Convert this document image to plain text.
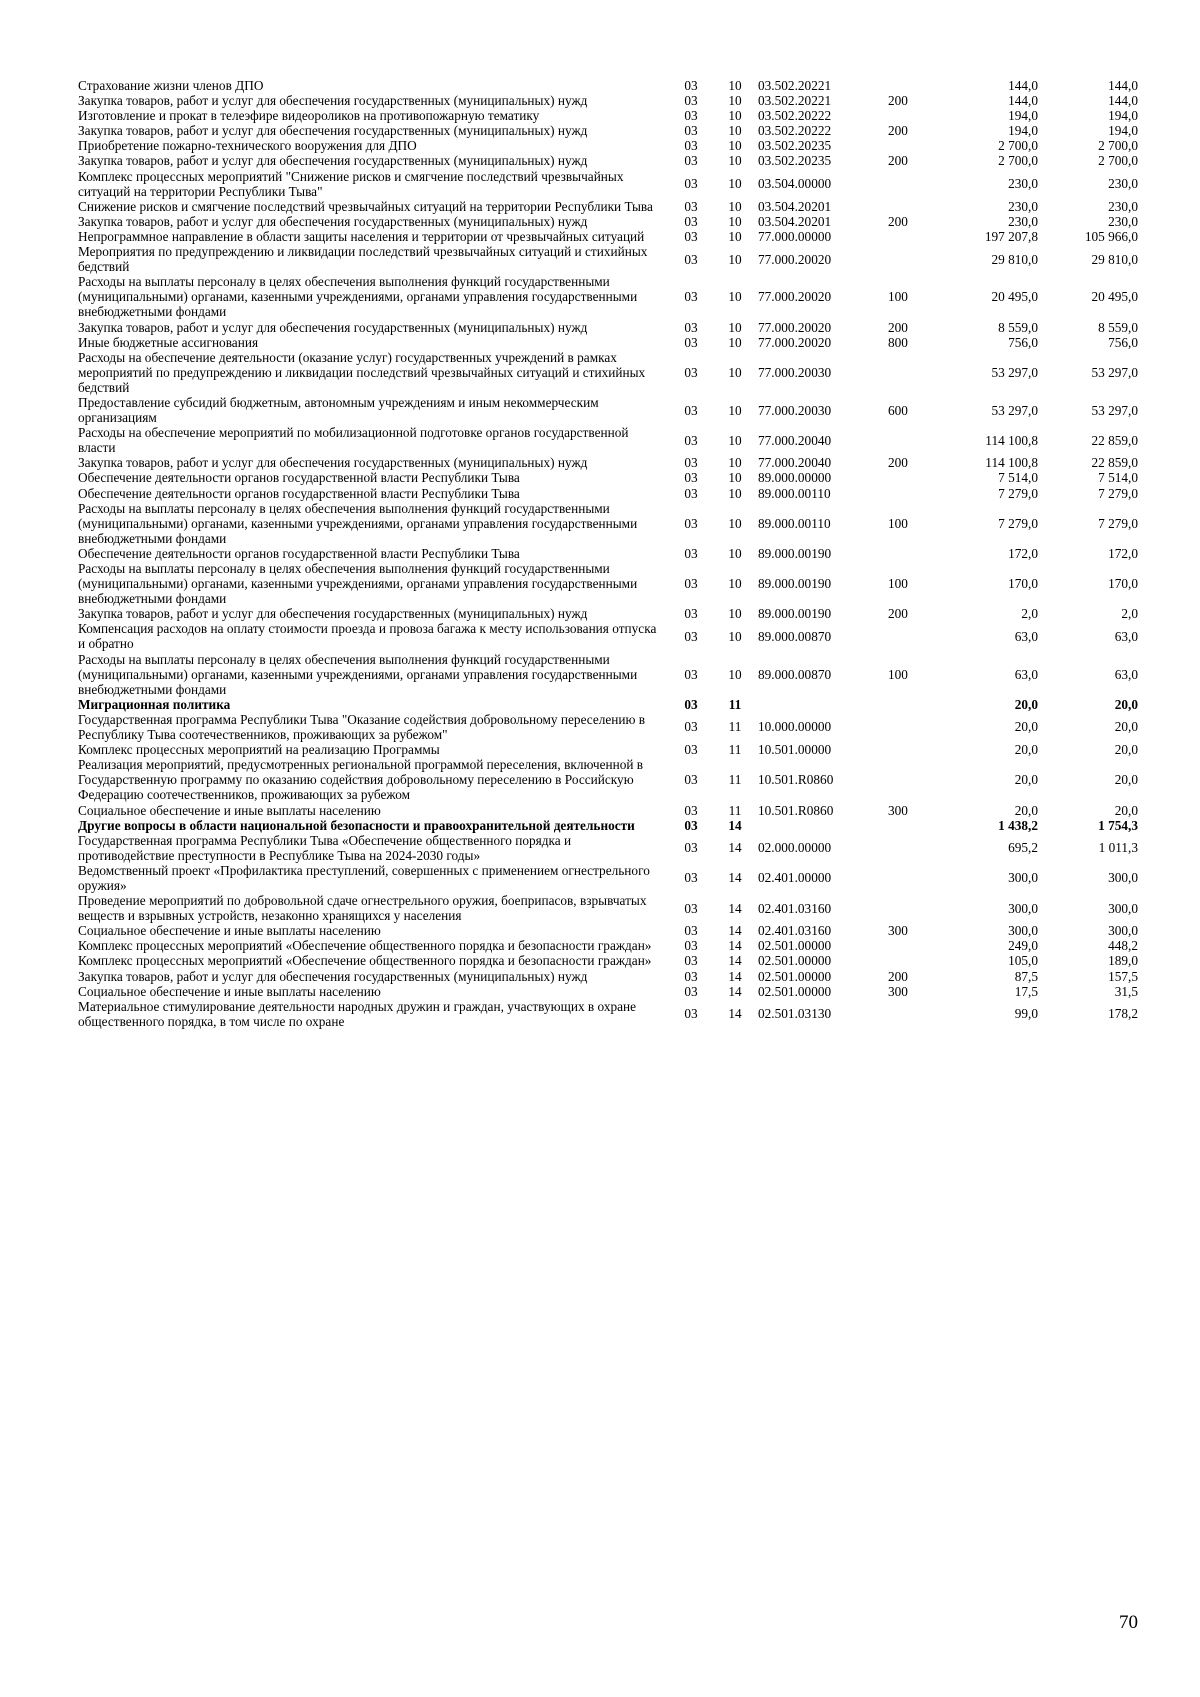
Страхование жизни членов ДПО	03	10	03.502.20221		144,0	144,0
Закупка товаров, работ и услуг для обеспечения государственных (муниципальных) нужд	03	10	03.502.20221	200	144,0	144,0
Изготовление и прокат в телеэфире видеороликов на противопожарную тематику	03	10	03.502.20222		194,0	194,0
Закупка товаров, работ и услуг для обеспечения государственных (муниципальных) нужд	03	10	03.502.20222	200	194,0	194,0
Приобретение пожарно-технического вооружения для ДПО	03	10	03.502.20235		2 700,0	2 700,0
Закупка товаров, работ и услуг для обеспечения государственных (муниципальных) нужд	03	10	03.502.20235	200	2 700,0	2 700,0
Комплекс процессных мероприятий "Снижение рисков и смягчение последствий чрезвычайных ситуаций на территории Республики Тыва"	03	10	03.504.00000		230,0	230,0
Снижение рисков и смягчение последствий чрезвычайных ситуаций на территории Республики Тыва	03	10	03.504.20201		230,0	230,0
Закупка товаров, работ и услуг для обеспечения государственных (муниципальных) нужд	03	10	03.504.20201	200	230,0	230,0
Непрограммное направление в области защиты населения и территории от чрезвычайных ситуаций	03	10	77.000.00000		197 207,8	105 966,0
Мероприятия по предупреждению и ликвидации последствий чрезвычайных ситуаций и стихийных бедствий	03	10	77.000.20020		29 810,0	29 810,0
Расходы на выплаты персоналу в целях обеспечения выполнения функций государственными (муниципальными) органами, казенными учреждениями, органами управления государственными внебюджетными фондами	03	10	77.000.20020	100	20 495,0	20 495,0
Закупка товаров, работ и услуг для обеспечения государственных (муниципальных) нужд	03	10	77.000.20020	200	8 559,0	8 559,0
Иные бюджетные ассигнования	03	10	77.000.20020	800	756,0	756,0
Расходы на обеспечение деятельности (оказание услуг) государственных учреждений в рамках мероприятий по предупреждению и ликвидации последствий чрезвычайных ситуаций и стихийных бедствий	03	10	77.000.20030		53 297,0	53 297,0
Предоставление субсидий бюджетным, автономным учреждениям и иным некоммерческим организациям	03	10	77.000.20030	600	53 297,0	53 297,0
Расходы на обеспечение мероприятий по мобилизационной подготовке органов государственной власти	03	10	77.000.20040		114 100,8	22 859,0
Закупка товаров, работ и услуг для обеспечения государственных (муниципальных) нужд	03	10	77.000.20040	200	114 100,8	22 859,0
Обеспечение деятельности органов государственной власти Республики Тыва	03	10	89.000.00000		7 514,0	7 514,0
Обеспечение деятельности органов государственной власти Республики Тыва	03	10	89.000.00110		7 279,0	7 279,0
Расходы на выплаты персоналу в целях обеспечения выполнения функций государственными (муниципальными) органами, казенными учреждениями, органами управления государственными внебюджетными фондами	03	10	89.000.00110	100	7 279,0	7 279,0
Обеспечение деятельности органов государственной власти Республики Тыва	03	10	89.000.00190		172,0	172,0
Расходы на выплаты персоналу в целях обеспечения выполнения функций государственными (муниципальными) органами, казенными учреждениями, органами управления государственными внебюджетными фондами	03	10	89.000.00190	100	170,0	170,0
Закупка товаров, работ и услуг для обеспечения государственных (муниципальных) нужд	03	10	89.000.00190	200	2,0	2,0
Компенсация расходов на оплату стоимости проезда и провоза багажа к месту использования отпуска и обратно	03	10	89.000.00870		63,0	63,0
Расходы на выплаты персоналу в целях обеспечения выполнения функций государственными (муниципальными) органами, казенными учреждениями, органами управления государственными внебюджетными фондами	03	10	89.000.00870	100	63,0	63,0
Миграционная политика	03	11			20,0	20,0
Государственная программа Республики Тыва "Оказание содействия добровольному переселению в Республику Тыва соотечественников, проживающих за рубежом"	03	11	10.000.00000		20,0	20,0
Комплекс процессных мероприятий на реализацию Программы	03	11	10.501.00000		20,0	20,0
Реализация мероприятий, предусмотренных региональной программой переселения, включенной в Государственную программу по оказанию содействия добровольному переселению в Российскую Федерацию соотечественников, проживающих за рубежом	03	11	10.501.R0860		20,0	20,0
Социальное обеспечение и иные выплаты населению	03	11	10.501.R0860	300	20,0	20,0
Другие вопросы в области национальной безопасности и правоохранительной деятельности	03	14			1 438,2	1 754,3
Государственная программа Республики Тыва «Обеспечение общественного порядка и противодействие преступности в Республике Тыва на 2024-2030 годы»	03	14	02.000.00000		695,2	1 011,3
Ведомственный проект «Профилактика преступлений, совершенных с применением огнестрельного оружия»	03	14	02.401.00000		300,0	300,0
Проведение мероприятий по добровольной сдаче огнестрельного оружия, боеприпасов, взрывчатых веществ и взрывных устройств, незаконно хранящихся у населения	03	14	02.401.03160		300,0	300,0
Социальное обеспечение и иные выплаты населению	03	14	02.401.03160	300	300,0	300,0
Комплекс процессных мероприятий «Обеспечение общественного порядка и безопасности граждан»	03	14	02.501.00000		249,0	448,2
Комплекс процессных мероприятий «Обеспечение общественного порядка и безопасности граждан»	03	14	02.501.00000		105,0	189,0
Закупка товаров, работ и услуг для обеспечения государственных (муниципальных) нужд	03	14	02.501.00000	200	87,5	157,5
Социальное обеспечение и иные выплаты населению	03	14	02.501.00000	300	17,5	31,5
Материальное стимулирование деятельности народных дружин и граждан, участвующих в охране общественного порядка, в том числе по охране	03	14	02.501.03130		99,0	178,2
70
